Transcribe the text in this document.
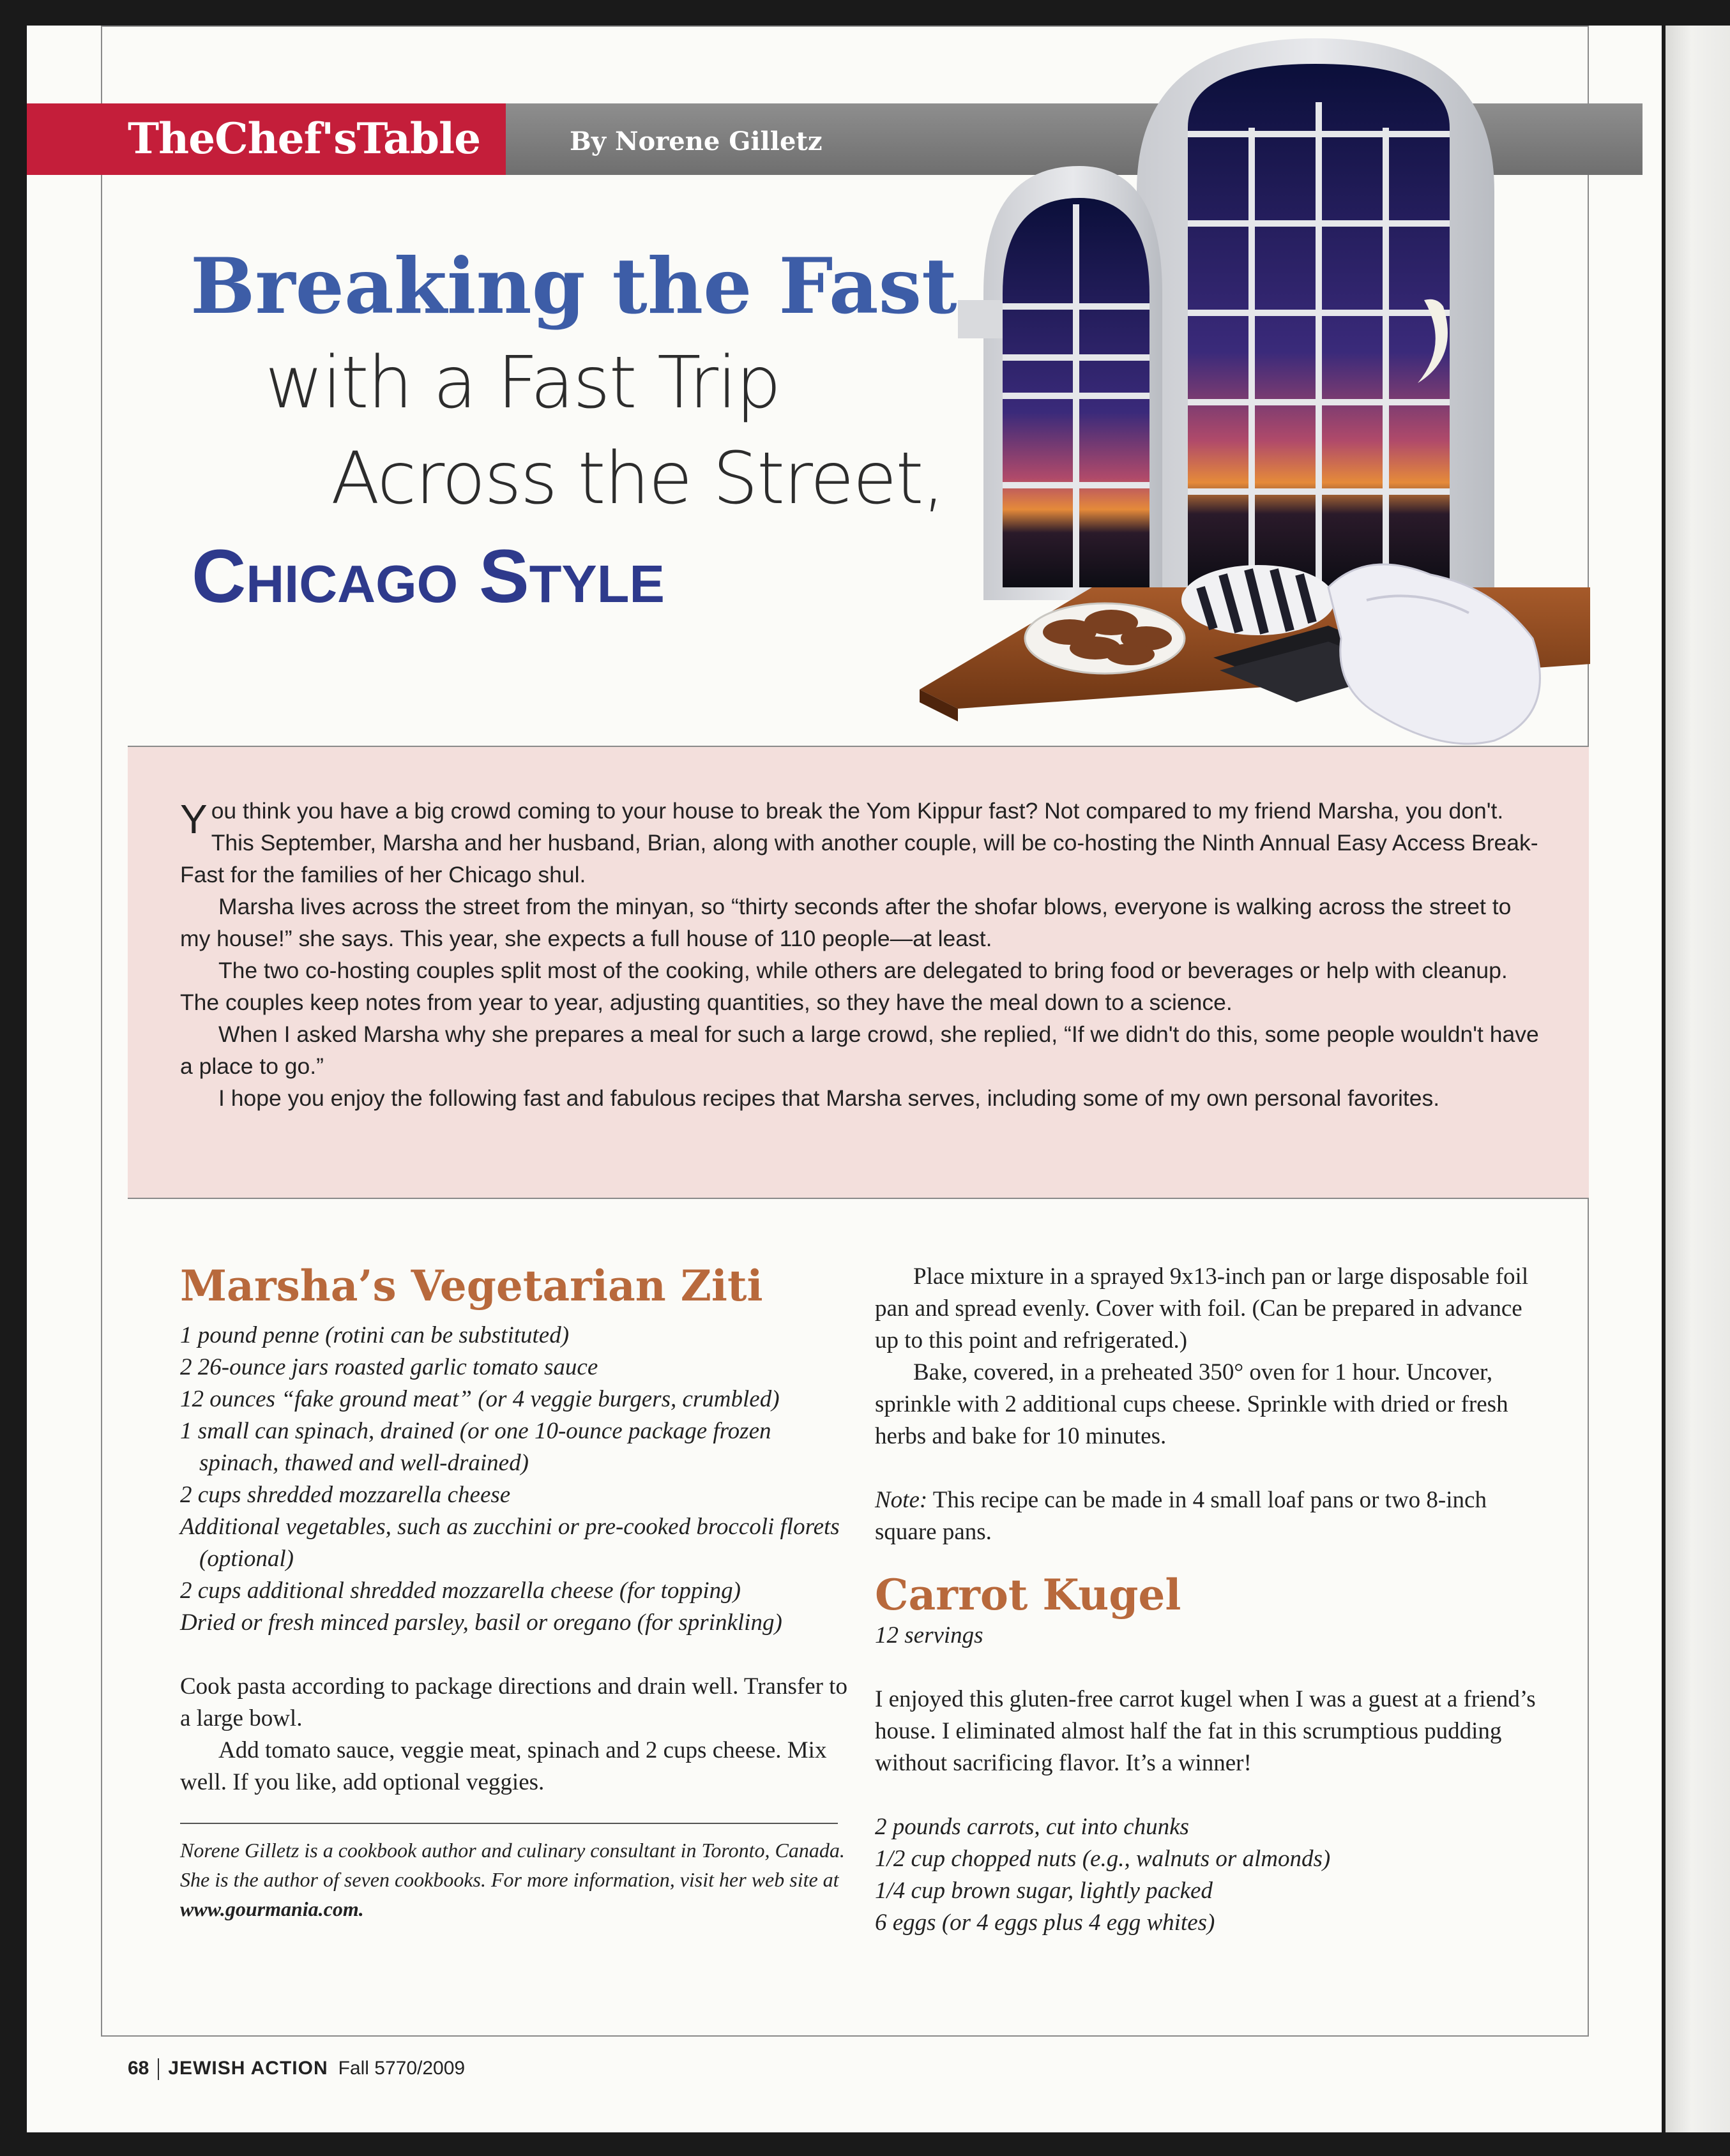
TheChef'sTable	By Norene Gilletz
Breaking the Fast
with a Fast Trip
Across the Street,
Chicago Style

You think you have a big crowd coming to your house to break the Yom Kippur fast? Not compared to my friend Marsha, you don't. This September, Marsha and her husband, Brian, along with another couple, will be co-hosting the Ninth Annual Easy Access Break-Fast for the families of her Chicago shul.

Marsha lives across the street from the minyan, so “thirty seconds after the shofar blows, everyone is walking across the street to my house!” she says. This year, she expects a full house of 110 people—at least.

The two co-hosting couples split most of the cooking, while others are delegated to bring food or beverages or help with cleanup. The couples keep notes from year to year, adjusting quantities, so they have the meal down to a science.

When I asked Marsha why she prepares a meal for such a large crowd, she replied, “If we didn't do this, some people wouldn't have a place to go.”

I hope you enjoy the following fast and fabulous recipes that Marsha serves, including some of my own personal favorites.

Marsha’s Vegetarian Ziti
1 pound penne (rotini can be substituted)
2 26-ounce jars roasted garlic tomato sauce
12 ounces “fake ground meat” (or 4 veggie burgers, crumbled)
1 small can spinach, drained (or one 10-ounce package frozen spinach, thawed and well-drained)
2 cups shredded mozzarella cheese
Additional vegetables, such as zucchini or pre-cooked broccoli florets (optional)
2 cups additional shredded mozzarella cheese (for topping)
Dried or fresh minced parsley, basil or oregano (for sprinkling)

Cook pasta according to package directions and drain well. Transfer to a large bowl.

Add tomato sauce, veggie meat, spinach and 2 cups cheese. Mix well. If you like, add optional veggies.

Norene Gilletz is a cookbook author and culinary consultant in Toronto, Canada. She is the author of seven cookbooks. For more information, visit her web site at www.gourmania.com.

Place mixture in a sprayed 9x13-inch pan or large disposable foil pan and spread evenly. Cover with foil. (Can be prepared in advance up to this point and refrigerated.)

Bake, covered, in a preheated 350° oven for 1 hour. Uncover, sprinkle with 2 additional cups cheese. Sprinkle with dried or fresh herbs and bake for 10 minutes.

Note: This recipe can be made in 4 small loaf pans or two 8-inch square pans.

Carrot Kugel

12 servings

I enjoyed this gluten-free carrot kugel when I was a guest at a friend’s house. I eliminated almost half the fat in this scrumptious pudding without sacrificing flavor. It’s a winner!

2 pounds carrots, cut into chunks
1/2 cup chopped nuts (e.g., walnuts or almonds)
1/4 cup brown sugar, lightly packed
6 eggs (or 4 eggs plus 4 egg whites)
68 JEWISH ACTION Fall 5770/2009
